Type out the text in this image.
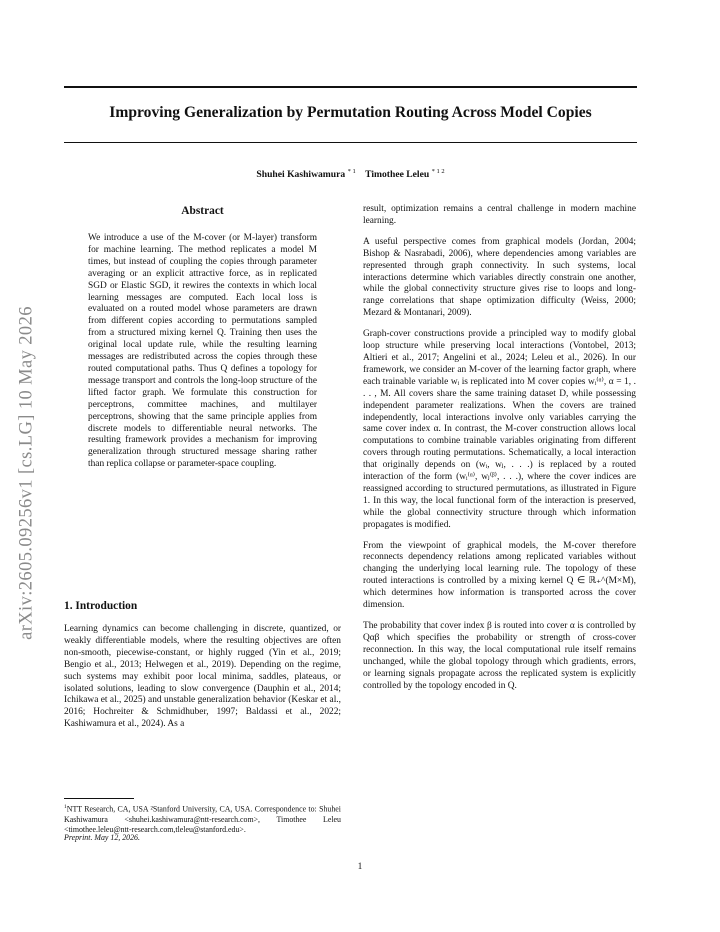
arXiv:2605.09256v1 [cs.LG] 10 May 2026
Improving Generalization by Permutation Routing Across Model Copies
Shuhei Kashiwamura $^{* 1}$ Timothee Leleu $^{* 1 2}$
Abstract
We introduce a use of the M-cover (or M-layer) transform for machine learning. The method replicates a model M times, but instead of coupling the copies through parameter averaging or an explicit attractive force, as in replicated SGD or Elastic SGD, it rewires the contexts in which local learning messages are computed. Each local loss is evaluated on a routed model whose parameters are drawn from different copies according to permutations sampled from a structured mixing kernel Q. Training then uses the original local update rule, while the resulting learning messages are redistributed across the copies through these routed computational paths. Thus Q defines a topology for message transport and controls the long-loop structure of the lifted factor graph. We formulate this construction for perceptrons, committee machines, and multilayer perceptrons, showing that the same principle applies from discrete models to differentiable neural networks. The resulting framework provides a mechanism for improving generalization through structured message sharing rather than replica collapse or parameter-space coupling.
1. Introduction
Learning dynamics can become challenging in discrete, quantized, or weakly differentiable models, where the resulting objectives are often non-smooth, piecewise-constant, or highly rugged (Yin et al., 2019; Bengio et al., 2013; Helwegen et al., 2019). Depending on the regime, such systems may exhibit poor local minima, saddles, plateaus, or isolated solutions, leading to slow convergence (Dauphin et al., 2014; Ichikawa et al., 2025) and unstable generalization behavior (Keskar et al., 2016; Hochreiter & Schmidhuber, 1997; Baldassi et al., 2022; Kashiwamura et al., 2024). As a
$^1$NTT Research, CA, USA ²Stanford University, CA, USA. Correspondence to: Shuhei Kashiwamura <shuhei.kashiwamura@ntt-research.com>, Timothee Leleu <timothee.leleu@ntt-research.com,tleleu@stanford.edu>.
Preprint. May 12, 2026.

result, optimization remains a central challenge in modern machine learning.

A useful perspective comes from graphical models (Jordan, 2004; Bishop & Nasrabadi, 2006), where dependencies among variables are represented through graph connectivity. In such systems, local interactions determine which variables directly constrain one another, while the global connectivity structure gives rise to loops and long-range correlations that shape optimization difficulty (Weiss, 2000; Mezard & Montanari, 2009).

Graph-cover constructions provide a principled way to modify global loop structure while preserving local interactions (Vontobel, 2013; Altieri et al., 2017; Angelini et al., 2024; Leleu et al., 2026). In our framework, we consider an M-cover of the learning factor graph, where each trainable variable wᵢ is replicated into M cover copies wᵢ⁽ᵅ⁾, α = 1, . . . , M. All covers share the same training dataset D, while possessing independent parameter realizations. When the covers are trained independently, local interactions involve only variables carrying the same cover index α. In contrast, the M-cover construction allows local computations to combine trainable variables originating from different covers through routing permutations. Schematically, a local interaction that originally depends on (wᵢ, wⱼ, . . .) is replaced by a routed interaction of the form (wᵢ⁽ᵅ⁾, wⱼ⁽ᵝ⁾, . . .), where the cover indices are reassigned according to structured permutations, as illustrated in Figure 1. In this way, the local functional form of the interaction is preserved, while the global connectivity structure through which information propagates is modified.

From the viewpoint of graphical models, the M-cover therefore reconnects dependency relations among replicated variables without changing the underlying local learning rule. The topology of these routed interactions is controlled by a mixing kernel Q ∈ ℝ₊^(M×M), which determines how information is transported across the cover dimension.

The probability that cover index β is routed into cover α is controlled by Qαβ which specifies the probability or strength of cross-cover reconnection. In this way, the local computational rule itself remains unchanged, while the global topology through which gradients, errors, or learning signals propagate across the replicated system is explicitly controlled by the topology encoded in Q.

1
